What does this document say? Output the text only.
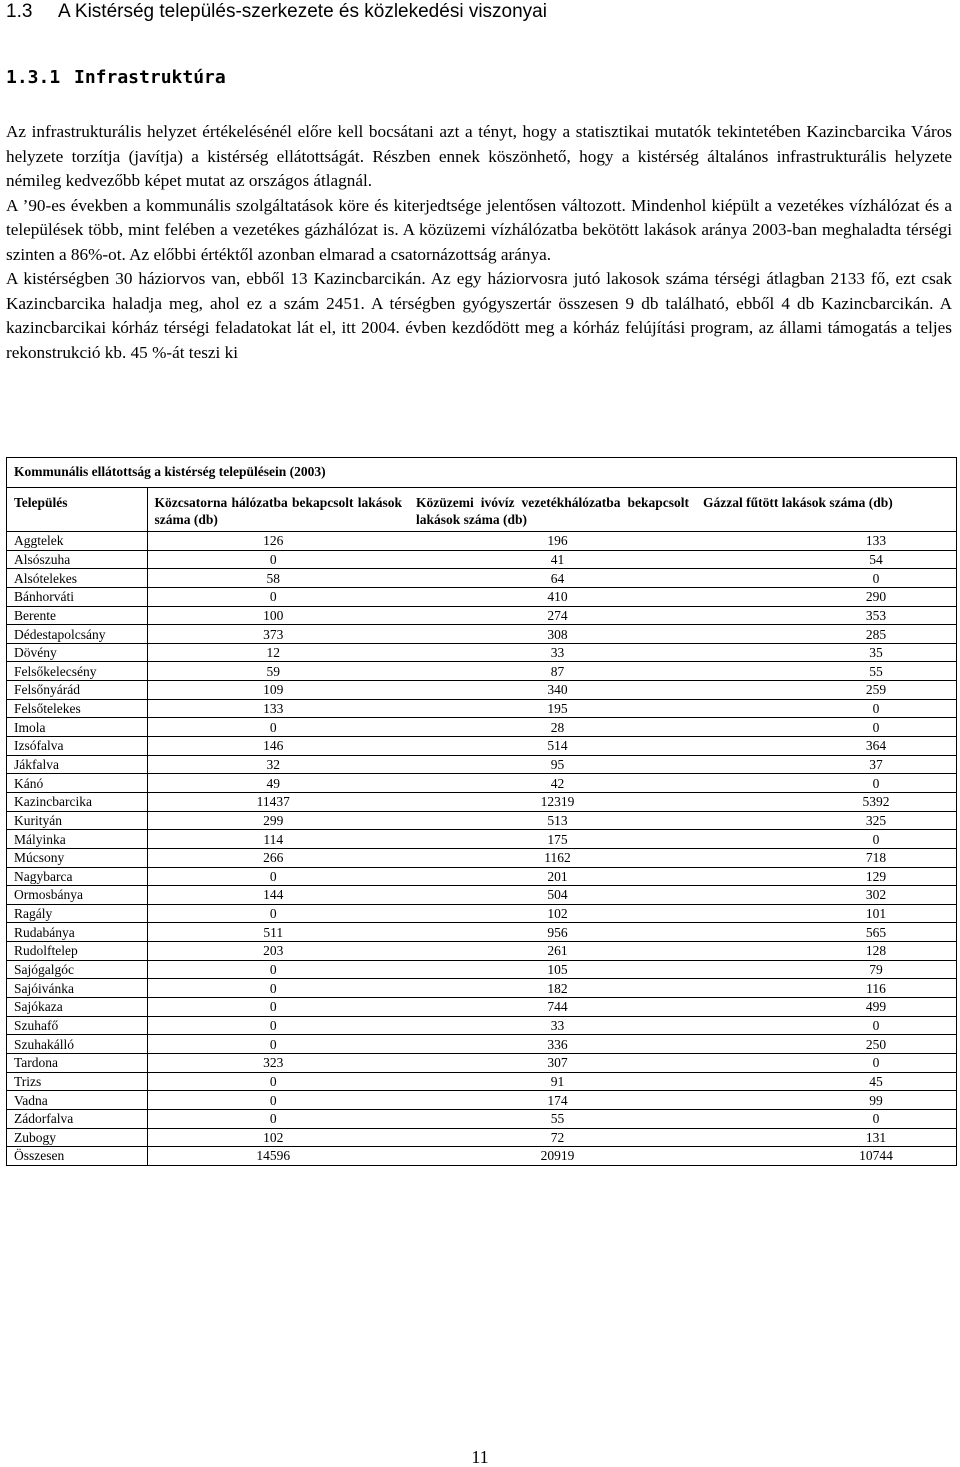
1.3 A Kistérség település-szerkezete és közlekedési viszonyai
1.3.1 Infrastruktúra

Az infrastrukturális helyzet értékelésénél előre kell bocsátani azt a tényt, hogy a statisztikai mutatók tekintetében Kazincbarcika Város helyzete torzítja (javítja) a kistérség ellátottságát. Részben ennek köszönhető, hogy a kistérség általános infrastrukturális helyzete némileg kedvezőbb képet mutat az országos átlagnál.

A ’90-es években a kommunális szolgáltatások köre és kiterjedtsége jelentősen változott. Mindenhol kiépült a vezetékes vízhálózat és a települések több, mint felében a vezetékes gázhálózat is. A közüzemi vízhálózatba bekötött lakások aránya 2003-ban meghaladta térségi szinten a 86%-ot. Az előbbi értéktől azonban elmarad a csatornázottság aránya.

A kistérségben 30 háziorvos van, ebből 13 Kazincbarcikán. Az egy háziorvosra jutó lakosok száma térségi átlagban 2133 fő, ezt csak Kazincbarcika haladja meg, ahol ez a szám 2451. A térségben gyógyszertár összesen 9 db található, ebből 4 db Kazincbarcikán. A kazincbarcikai kórház térségi feladatokat lát el, itt 2004. évben kezdődött meg a kórház felújítási program, az állami támogatás a teljes rekonstrukció kb. 45 %-át teszi ki

Kommunális ellátottság a kistérség településein (2003)
Település	Közcsatorna hálózatba bekapcsolt lakások száma (db)	Közüzemi ivóvíz vezetékhálózatba bekapcsolt lakások száma (db)	Gázzal fűtött lakások száma (db)
Aggtelek	126	196	133
Alsószuha	0	41	54
Alsótelekes	58	64	0
Bánhorváti	0	410	290
Berente	100	274	353
Dédestapolcsány	373	308	285
Dövény	12	33	35
Felsőkelecsény	59	87	55
Felsőnyárád	109	340	259
Felsőtelekes	133	195	0
Imola	0	28	0
Izsófalva	146	514	364
Jákfalva	32	95	37
Kánó	49	42	0
Kazincbarcika	11437	12319	5392
Kurityán	299	513	325
Mályinka	114	175	0
Múcsony	266	1162	718
Nagybarca	0	201	129
Ormosbánya	144	504	302
Ragály	0	102	101
Rudabánya	511	956	565
Rudolftelep	203	261	128
Sajógalgóc	0	105	79
Sajóivánka	0	182	116
Sajókaza	0	744	499
Szuhafő	0	33	0
Szuhakálló	0	336	250
Tardona	323	307	0
Trizs	0	91	45
Vadna	0	174	99
Zádorfalva	0	55	0
Zubogy	102	72	131
Összesen	14596	20919	10744
11
